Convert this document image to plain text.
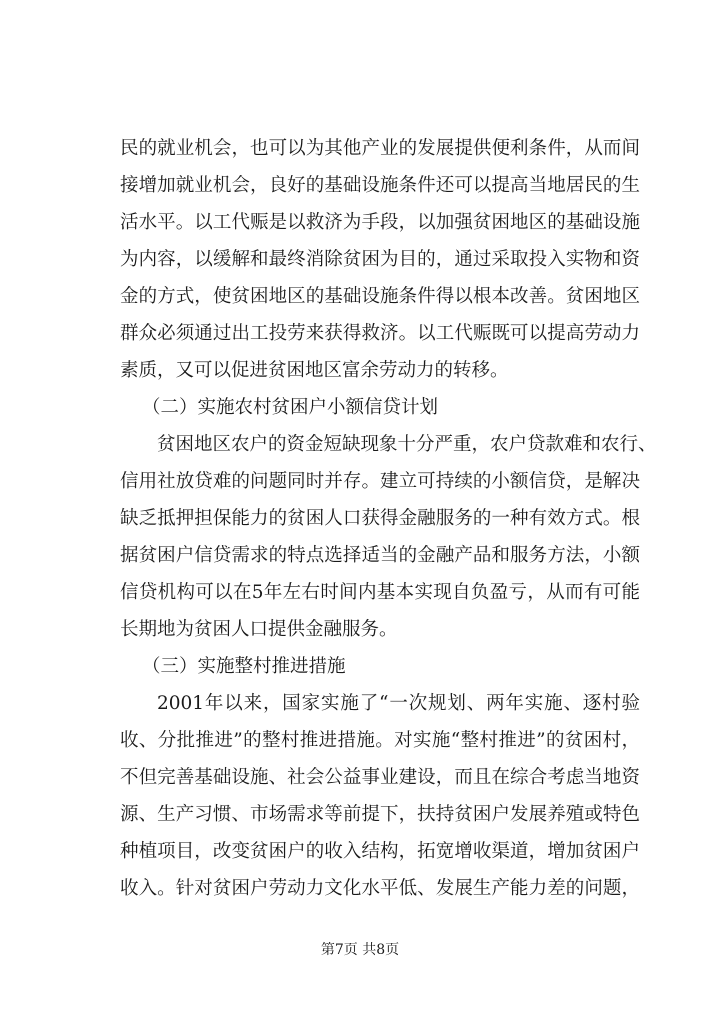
民的就业机会，也可以为其他产业的发展提供便利条件，从而间
接增加就业机会，良好的基础设施条件还可以提高当地居民的生
活水平。以工代赈是以救济为手段，以加强贫困地区的基础设施
为内容，以缓解和最终消除贫困为目的，通过采取投入实物和资
金的方式，使贫困地区的基础设施条件得以根本改善。贫困地区
群众必须通过出工投劳来获得救济。以工代赈既可以提高劳动力
素质，又可以促进贫困地区富余劳动力的转移。
（二）实施农村贫困户小额信贷计划
贫困地区农户的资金短缺现象十分严重，农户贷款难和农行、
信用社放贷难的问题同时并存。建立可持续的小额信贷，是解决
缺乏抵押担保能力的贫困人口获得金融服务的一种有效方式。根
据贫困户信贷需求的特点选择适当的金融产品和服务方法，小额
信贷机构可以在5年左右时间内基本实现自负盈亏，从而有可能
长期地为贫困人口提供金融服务。
（三）实施整村推进措施
2001年以来，国家实施了“一次规划、两年实施、逐村验
收、分批推进”的整村推进措施。对实施“整村推进”的贫困村，
不但完善基础设施、社会公益事业建设，而且在综合考虑当地资
源、生产习惯、市场需求等前提下，扶持贫困户发展养殖或特色
种植项目，改变贫困户的收入结构，拓宽增收渠道，增加贫困户
收入。针对贫困户劳动力文化水平低、发展生产能力差的问题，
第7页 共8页
